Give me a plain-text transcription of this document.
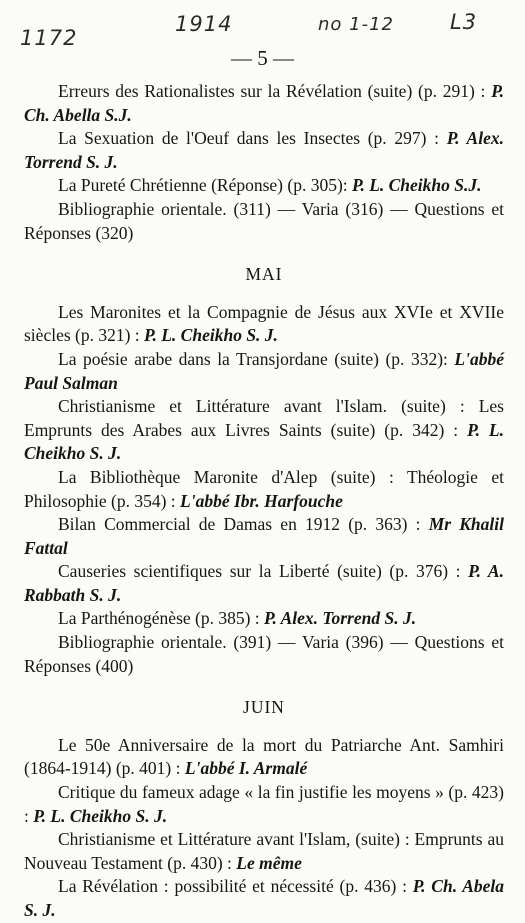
1172
1914	no 1-12	L3
— 5 —

Erreurs des Rationalistes sur la Révélation (suite) (p. 291) : P. Ch. Abella S.J.

La Sexuation de l'Oeuf dans les Insectes (p. 297) : P. Alex. Torrend S. J.

La Pureté Chrétienne (Réponse) (p. 305): P. L. Cheikho S.J.

Bibliographie orientale. (311) — Varia (316) — Questions et Réponses (320)

MAI

Les Maronites et la Compagnie de Jésus aux XVIe et XVIIe siècles (p. 321) : P. L. Cheikho S. J.

La poésie arabe dans la Transjordane (suite) (p. 332): L'abbé Paul Salman

Christianisme et Littérature avant l'Islam. (suite) : Les Emprunts des Arabes aux Livres Saints (suite) (p. 342) : P. L. Cheikho S. J.

La Bibliothèque Maronite d'Alep (suite) : Théologie et Philosophie (p. 354) : L'abbé Ibr. Harfouche

Bilan Commercial de Damas en 1912 (p. 363) : Mr Khalil Fattal

Causeries scientifiques sur la Liberté (suite) (p. 376) : P. A. Rabbath S. J.

La Parthénogénèse (p. 385) : P. Alex. Torrend S. J.

Bibliographie orientale. (391) — Varia (396) — Questions et Réponses (400)

JUIN

Le 50e Anniversaire de la mort du Patriarche Ant. Samhiri (1864-1914) (p. 401) : L'abbé I. Armalé

Critique du fameux adage « la fin justifie les moyens » (p. 423) : P. L. Cheikho S. J.

Christianisme et Littérature avant l'Islam, (suite) : Emprunts au Nouveau Testament (p. 430) : Le même

La Révélation : possibilité et nécessité (p. 436) : P. Ch. Abela S. J.
